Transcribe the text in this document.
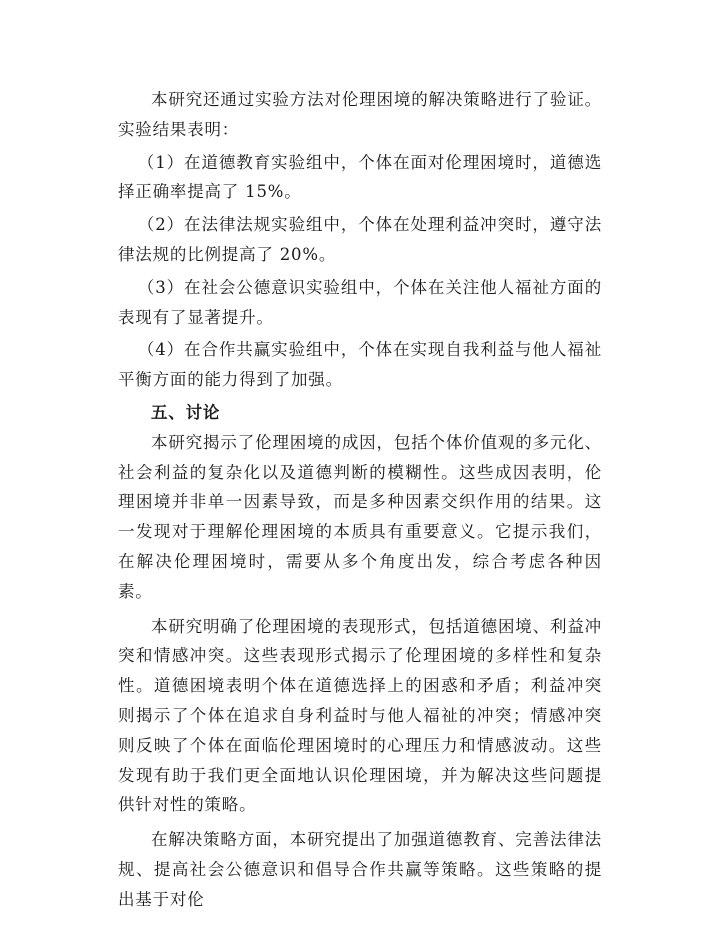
本研究还通过实验方法对伦理困境的解决策略进行了验证。实验结果表明：

（1）在道德教育实验组中，个体在面对伦理困境时，道德选择正确率提高了 15%。

（2）在法律法规实验组中，个体在处理利益冲突时，遵守法律法规的比例提高了 20%。

（3）在社会公德意识实验组中，个体在关注他人福祉方面的表现有了显著提升。

（4）在合作共赢实验组中，个体在实现自我利益与他人福祉平衡方面的能力得到了加强。

五、讨论

本研究揭示了伦理困境的成因，包括个体价值观的多元化、社会利益的复杂化以及道德判断的模糊性。这些成因表明，伦理困境并非单一因素导致，而是多种因素交织作用的结果。这一发现对于理解伦理困境的本质具有重要意义。它提示我们，在解决伦理困境时，需要从多个角度出发，综合考虑各种因素。

本研究明确了伦理困境的表现形式，包括道德困境、利益冲突和情感冲突。这些表现形式揭示了伦理困境的多样性和复杂性。道德困境表明个体在道德选择上的困惑和矛盾；利益冲突则揭示了个体在追求自身利益时与他人福祉的冲突；情感冲突则反映了个体在面临伦理困境时的心理压力和情感波动。这些发现有助于我们更全面地认识伦理困境，并为解决这些问题提供针对性的策略。

在解决策略方面，本研究提出了加强道德教育、完善法律法规、提高社会公德意识和倡导合作共赢等策略。这些策略的提出基于对伦
